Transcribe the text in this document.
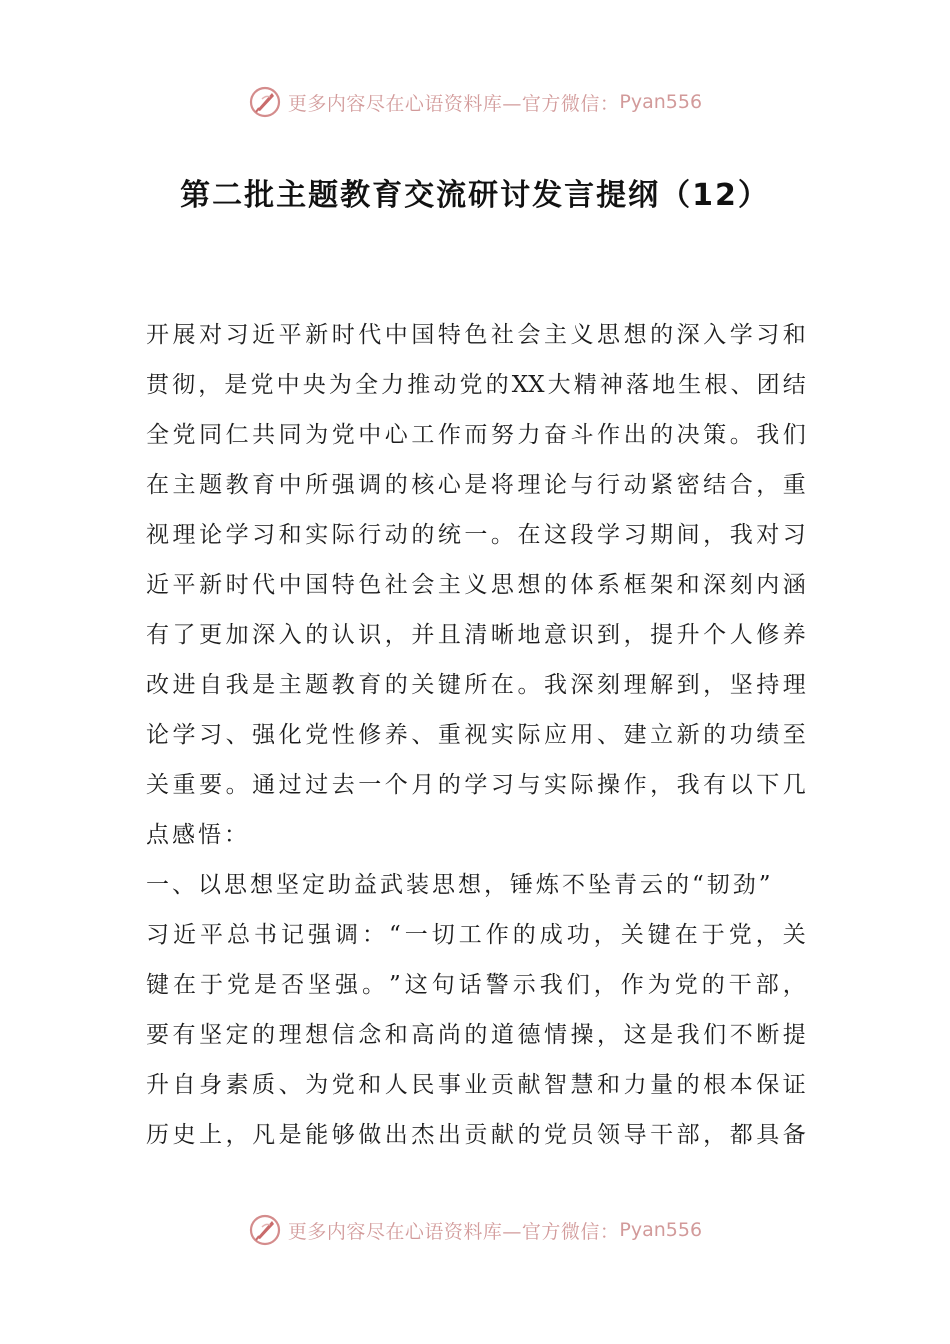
更多内容尽在心语资料库—官方微信： Pyan556
第二批主题教育交流研讨发言提纲（12）
开 展 对 习 近 平 新 时 代 中 国 特 色 社 会 主 义 思 想 的 深 入 学 习 和
贯 彻 ， 是 党 中 央 为 全 力 推 动 党 的 XX 大 精 神 落 地 生 根 、 团 结
全 党 同 仁 共 同 为 党 中 心 工 作 而 努 力 奋 斗 作 出 的 决 策 。 我 们
在 主 题 教 育 中 所 强 调 的 核 心 是 将 理 论 与 行 动 紧 密 结 合 ， 重
视 理 论 学 习 和 实 际 行 动 的 统 一 。 在 这 段 学 习 期 间 ， 我 对 习
近 平 新 时 代 中 国 特 色 社 会 主 义 思 想 的 体 系 框 架 和 深 刻 内 涵
有 了 更 加 深 入 的 认 识 ， 并 且 清 晰 地 意 识 到 ， 提 升 个 人 修 养
改 进 自 我 是 主 题 教 育 的 关 键 所 在 。 我 深 刻 理 解 到 ， 坚 持 理
论 学 习 、 强 化 党 性 修 养 、 重 视 实 际 应 用 、 建 立 新 的 功 绩 至
关 重 要 。 通 过 过 去 一 个 月 的 学 习 与 实 际 操 作 ， 我 有 以 下 几
点感悟：
一、以思想坚定助益武装思想，锤炼不坠青云的“韧劲”
习 近 平 总 书 记 强 调 ： “ 一 切 工 作 的 成 功 ， 关 键 在 于 党 ， 关
键 在 于 党 是 否 坚 强 。 ” 这 句 话 警 示 我 们 ， 作 为 党 的 干 部 ，
要 有 坚 定 的 理 想 信 念 和 高 尚 的 道 德 情 操 ， 这 是 我 们 不 断 提
升 自 身 素 质 、 为 党 和 人 民 事 业 贡 献 智 慧 和 力 量 的 根 本 保 证
历 史 上 ， 凡 是 能 够 做 出 杰 出 贡 献 的 党 员 领 导 干 部 ， 都 具 备
更多内容尽在心语资料库—官方微信： Pyan556
